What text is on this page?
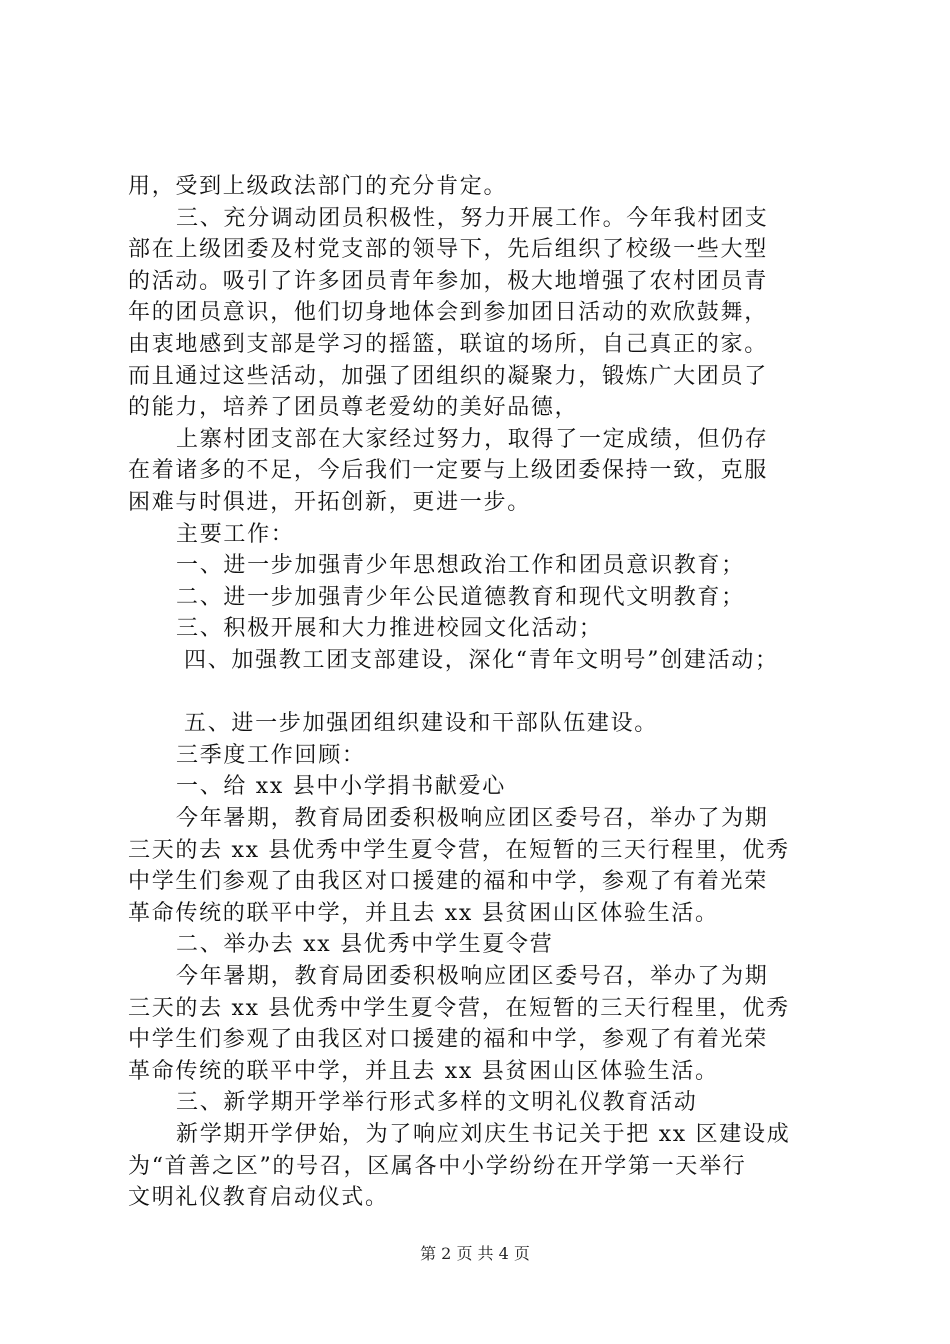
用，受到上级政法部门的充分肯定。
三、充分调动团员积极性，努力开展工作。今年我村团支
部在上级团委及村党支部的领导下，先后组织了校级一些大型
的活动。吸引了许多团员青年参加，极大地增强了农村团员青
年的团员意识，他们切身地体会到参加团日活动的欢欣鼓舞，
由衷地感到支部是学习的摇篮，联谊的场所，自己真正的家。
而且通过这些活动，加强了团组织的凝聚力，锻炼广大团员了
的能力，培养了团员尊老爱幼的美好品德，
上寨村团支部在大家经过努力，取得了一定成绩，但仍存
在着诸多的不足，今后我们一定要与上级团委保持一致，克服
困难与时俱进，开拓创新，更进一步。
主要工作：
一、进一步加强青少年思想政治工作和团员意识教育；
二、进一步加强青少年公民道德教育和现代文明教育；
三、积极开展和大力推进校园文化活动；
四、加强教工团支部建设，深化“青年文明号”创建活动；
五、进一步加强团组织建设和干部队伍建设。
三季度工作回顾：
一、给 xx 县中小学捐书献爱心
今年暑期，教育局团委积极响应团区委号召，举办了为期
三天的去 xx 县优秀中学生夏令营，在短暂的三天行程里，优秀
中学生们参观了由我区对口援建的福和中学，参观了有着光荣
革命传统的联平中学，并且去 xx 县贫困山区体验生活。
二、举办去 xx 县优秀中学生夏令营
今年暑期，教育局团委积极响应团区委号召，举办了为期
三天的去 xx 县优秀中学生夏令营，在短暂的三天行程里，优秀
中学生们参观了由我区对口援建的福和中学，参观了有着光荣
革命传统的联平中学，并且去 xx 县贫困山区体验生活。
三、新学期开学举行形式多样的文明礼仪教育活动
新学期开学伊始，为了响应刘庆生书记关于把 xx 区建设成
为“首善之区”的号召，区属各中小学纷纷在开学第一天举行
文明礼仪教育启动仪式。
第 2 页 共 4 页
